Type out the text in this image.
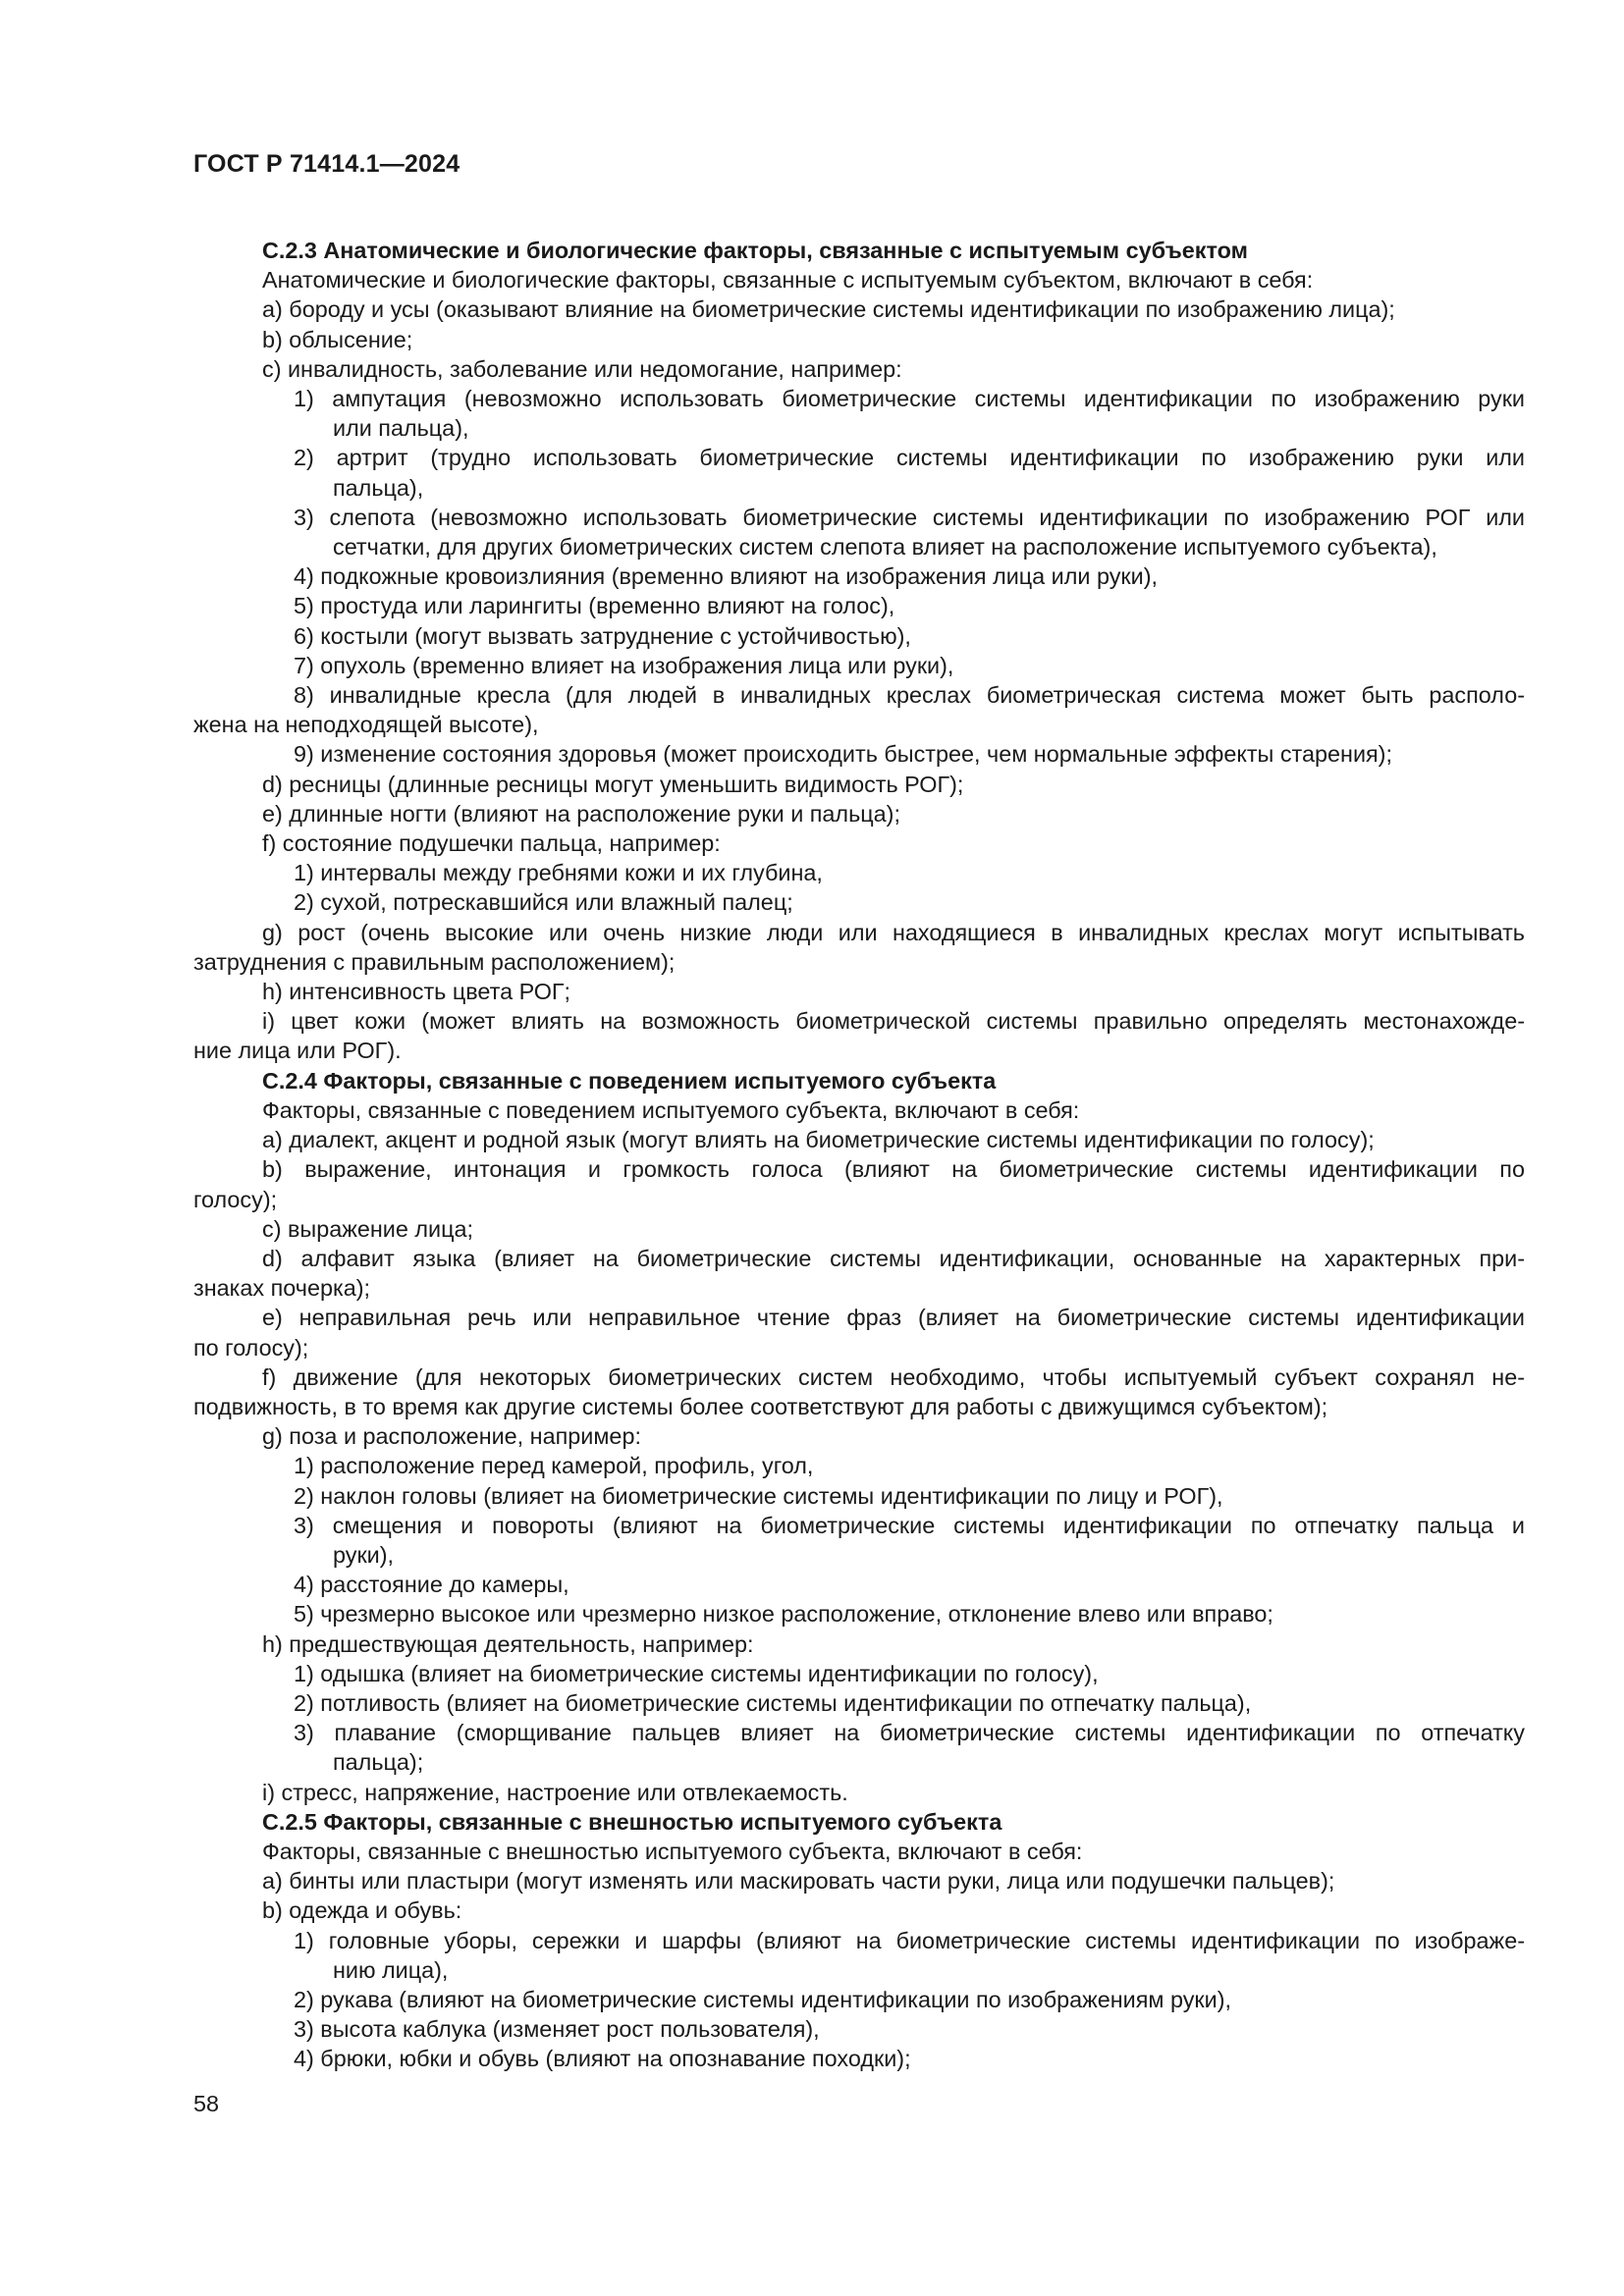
ГОСТ Р 71414.1—2024
C.2.3 Анатомические и биологические факторы, связанные с испытуемым субъектом
Анатомические и биологические факторы, связанные с испытуемым субъектом, включают в себя:
a) бороду и усы (оказывают влияние на биометрические системы идентификации по изображению лица);
b) облысение;
c) инвалидность, заболевание или недомогание, например:
1) ампутация (невозможно использовать биометрические системы идентификации по изображению руки
или пальца),
2) артрит (трудно использовать биометрические системы идентификации по изображению руки или
пальца),
3) слепота (невозможно использовать биометрические системы идентификации по изображению РОГ или
сетчатки, для других биометрических систем слепота влияет на расположение испытуемого субъекта),
4) подкожные кровоизлияния (временно влияют на изображения лица или руки),
5) простуда или ларингиты (временно влияют на голос),
6) костыли (могут вызвать затруднение с устойчивостью),
7) опухоль (временно влияет на изображения лица или руки),
8) инвалидные кресла (для людей в инвалидных креслах биометрическая система может быть располо-
жена на неподходящей высоте),
9) изменение состояния здоровья (может происходить быстрее, чем нормальные эффекты старения);
d) ресницы (длинные ресницы могут уменьшить видимость РОГ);
e) длинные ногти (влияют на расположение руки и пальца);
f) состояние подушечки пальца, например:
1) интервалы между гребнями кожи и их глубина,
2) сухой, потрескавшийся или влажный палец;
g) рост (очень высокие или очень низкие люди или находящиеся в инвалидных креслах могут испытывать
затруднения с правильным расположением);
h) интенсивность цвета РОГ;
i) цвет кожи (может влиять на возможность биометрической системы правильно определять местонахожде-
ние лица или РОГ).
C.2.4 Факторы, связанные с поведением испытуемого субъекта
Факторы, связанные с поведением испытуемого субъекта, включают в себя:
a) диалект, акцент и родной язык (могут влиять на биометрические системы идентификации по голосу);
b) выражение, интонация и громкость голоса (влияют на биометрические системы идентификации по
голосу);
c) выражение лица;
d) алфавит языка (влияет на биометрические системы идентификации, основанные на характерных при-
знаках почерка);
e) неправильная речь или неправильное чтение фраз (влияет на биометрические системы идентификации
по голосу);
f) движение (для некоторых биометрических систем необходимо, чтобы испытуемый субъект сохранял не-
подвижность, в то время как другие системы более соответствуют для работы с движущимся субъектом);
g) поза и расположение, например:
1) расположение перед камерой, профиль, угол,
2) наклон головы (влияет на биометрические системы идентификации по лицу и РОГ),
3) смещения и повороты (влияют на биометрические системы идентификации по отпечатку пальца и
руки),
4) расстояние до камеры,
5) чрезмерно высокое или чрезмерно низкое расположение, отклонение влево или вправо;
h) предшествующая деятельность, например:
1) одышка (влияет на биометрические системы идентификации по голосу),
2) потливость (влияет на биометрические системы идентификации по отпечатку пальца),
3) плавание (сморщивание пальцев влияет на биометрические системы идентификации по отпечатку
пальца);
i) стресс, напряжение, настроение или отвлекаемость.
C.2.5 Факторы, связанные с внешностью испытуемого субъекта
Факторы, связанные с внешностью испытуемого субъекта, включают в себя:
a) бинты или пластыри (могут изменять или маскировать части руки, лица или подушечки пальцев);
b) одежда и обувь:
1) головные уборы, сережки и шарфы (влияют на биометрические системы идентификации по изображе-
нию лица),
2) рукава (влияют на биометрические системы идентификации по изображениям руки),
3) высота каблука (изменяет рост пользователя),
4) брюки, юбки и обувь (влияют на опознавание походки);
58
